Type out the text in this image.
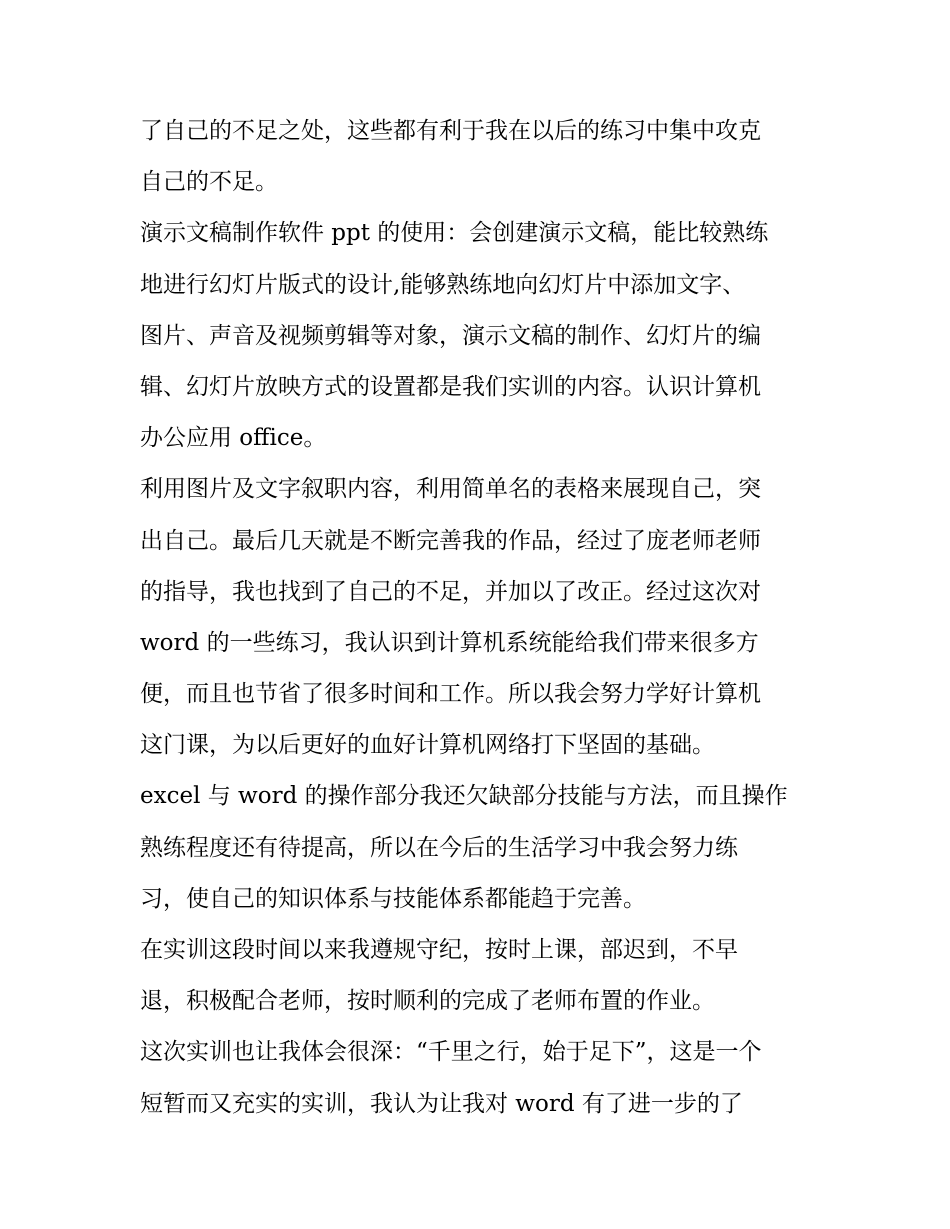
了自己的不足之处，这些都有利于我在以后的练习中集中攻克
自己的不足。
演示文稿制作软件 ppt 的使用：会创建演示文稿，能比较熟练
地进行幻灯片版式的设计,能够熟练地向幻灯片中添加文字、
图片、声音及视频剪辑等对象，演示文稿的制作、幻灯片的编
辑、幻灯片放映方式的设置都是我们实训的内容。认识计算机
办公应用 office。
利用图片及文字叙职内容，利用简单名的表格来展现自己，突
出自己。最后几天就是不断完善我的作品，经过了庞老师老师
的指导，我也找到了自己的不足，并加以了改正。经过这次对
word 的一些练习，我认识到计算机系统能给我们带来很多方
便，而且也节省了很多时间和工作。所以我会努力学好计算机
这门课，为以后更好的血好计算机网络打下坚固的基础。
excel 与 word 的操作部分我还欠缺部分技能与方法，而且操作
熟练程度还有待提高，所以在今后的生活学习中我会努力练
习，使自己的知识体系与技能体系都能趋于完善。
在实训这段时间以来我遵规守纪，按时上课，部迟到，不早
退，积极配合老师，按时顺利的完成了老师布置的作业。
这次实训也让我体会很深：“千里之行，始于足下”，这是一个
短暂而又充实的实训，我认为让我对 word 有了进一步的了
